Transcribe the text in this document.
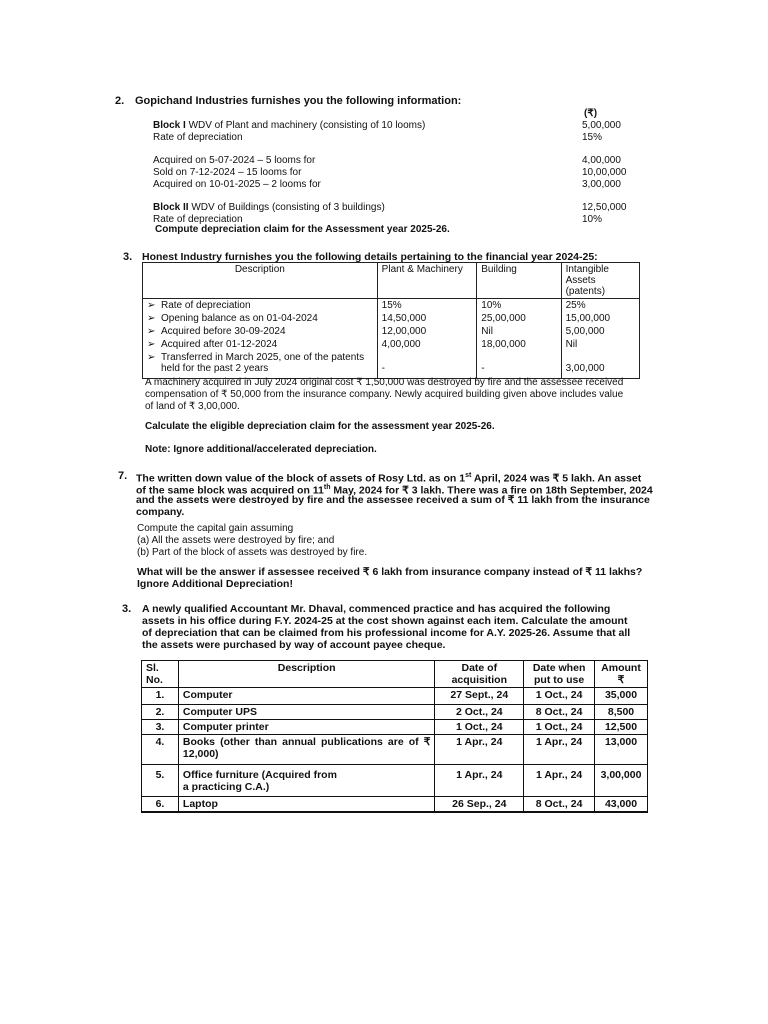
2. Gopichand Industries furnishes you the following information:
(₹)
Block I WDV of Plant and machinery (consisting of 10 looms)	5,00,000
Rate of depreciation	15%
Acquired on 5-07-2024 – 5 looms for	4,00,000
Sold on 7-12-2024 – 15 looms for	10,00,000
Acquired on 10-01-2025 – 2 looms for	3,00,000
Block II WDV of Buildings (consisting of 3 buildings)	12,50,000
Rate of depreciation	10%
Compute depreciation claim for the Assessment year 2025-26.
3. Honest Industry furnishes you the following details pertaining to the financial year 2024-25:
Description	Plant & Machinery	Building	Intangible Assets (patents)
➢ Rate of depreciation	15%	10%	25%
➢ Opening balance as on 01-04-2024	14,50,000	25,00,000	15,00,000
➢ Acquired before 30-09-2024	12,00,000	Nil	5,00,000
➢ Acquired after 01-12-2024	4,00,000	18,00,000	Nil

➢ Transferred in March 2025, one of the patents held for the past 2 years	-	-	3,00,000
A machinery acquired in July 2024 original cost ₹ 1,50,000 was destroyed by fire and the assessee received
compensation of ₹ 50,000 from the insurance company. Newly acquired building given above includes value
of land of ₹ 3,00,000.
Calculate the eligible depreciation claim for the assessment year 2025-26.
Note: Ignore additional/accelerated depreciation.
7. The written down value of the block of assets of Rosy Ltd. as on 1st April, 2024 was ₹ 5 lakh. An asset
of the same block was acquired on 11th May, 2024 for ₹ 3 lakh. There was a fire on 18th September, 2024
and the assets were destroyed by fire and the assessee received a sum of ₹ 11 lakh from the insurance
company.
Compute the capital gain assuming
(a) All the assets were destroyed by fire; and
(b) Part of the block of assets was destroyed by fire.
What will be the answer if assessee received ₹ 6 lakh from insurance company instead of ₹ 11 lakhs?
Ignore Additional Depreciation!
3. A newly qualified Accountant Mr. Dhaval, commenced practice and has acquired the following
assets in his office during F.Y. 2024-25 at the cost shown against each item. Calculate the amount
of depreciation that can be claimed from his professional income for A.Y. 2025-26. Assume that all
the assets were purchased by way of account payee cheque.
Sl. No.	Description	Date of acquisition	Date when put to use	Amount ₹
1.	Computer	27 Sept., 24	1 Oct., 24	35,000
2.	Computer UPS	2 Oct., 24	8 Oct., 24	8,500
3.	Computer printer	1 Oct., 24	1 Oct., 24	12,500
4.	Books (other than annual publications are of ₹ 12,000)	1 Apr., 24	1 Apr., 24	13,000
5.	Office furniture (Acquired from a practicing C.A.)	1 Apr., 24	1 Apr., 24	3,00,000
6.	Laptop	26 Sep., 24	8 Oct., 24	43,000
